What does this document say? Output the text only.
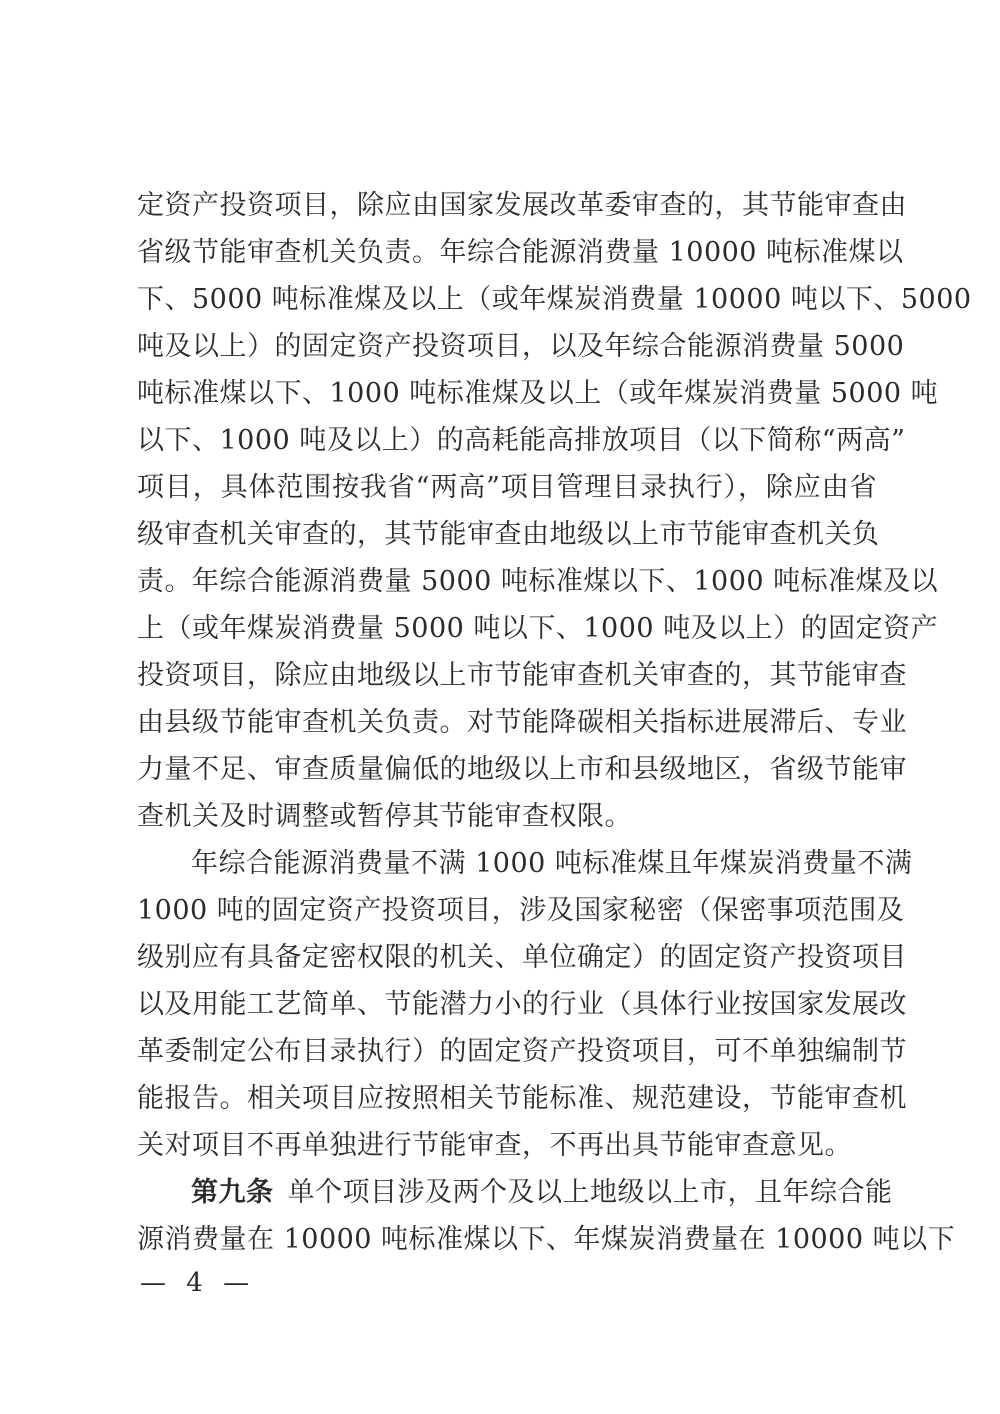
定资产投资项目，除应由国家发展改革委审查的，其节能审查由
省级节能审查机关负责。年综合能源消费量 10000 吨标准煤以
下、5000 吨标准煤及以上（或年煤炭消费量 10000 吨以下、5000
吨及以上）的固定资产投资项目，以及年综合能源消费量 5000
吨标准煤以下、1000 吨标准煤及以上（或年煤炭消费量 5000 吨
以下、1000 吨及以上）的高耗能高排放项目（以下简称“两高”
项目，具体范围按我省“两高”项目管理目录执行），除应由省
级审查机关审查的，其节能审查由地级以上市节能审查机关负
责。年综合能源消费量 5000 吨标准煤以下、1000 吨标准煤及以
上（或年煤炭消费量 5000 吨以下、1000 吨及以上）的固定资产
投资项目，除应由地级以上市节能审查机关审查的，其节能审查
由县级节能审查机关负责。对节能降碳相关指标进展滞后、专业
力量不足、审查质量偏低的地级以上市和县级地区，省级节能审
查机关及时调整或暂停其节能审查权限。
年综合能源消费量不满 1000 吨标准煤且年煤炭消费量不满
1000 吨的固定资产投资项目，涉及国家秘密（保密事项范围及
级别应有具备定密权限的机关、单位确定）的固定资产投资项目
以及用能工艺简单、节能潜力小的行业（具体行业按国家发展改
革委制定公布目录执行）的固定资产投资项目，可不单独编制节
能报告。相关项目应按照相关节能标准、规范建设，节能审查机
关对项目不再单独进行节能审查，不再出具节能审查意见。
第九条  单个项目涉及两个及以上地级以上市，且年综合能
源消费量在 10000 吨标准煤以下、年煤炭消费量在 10000 吨以下
— 4 —
